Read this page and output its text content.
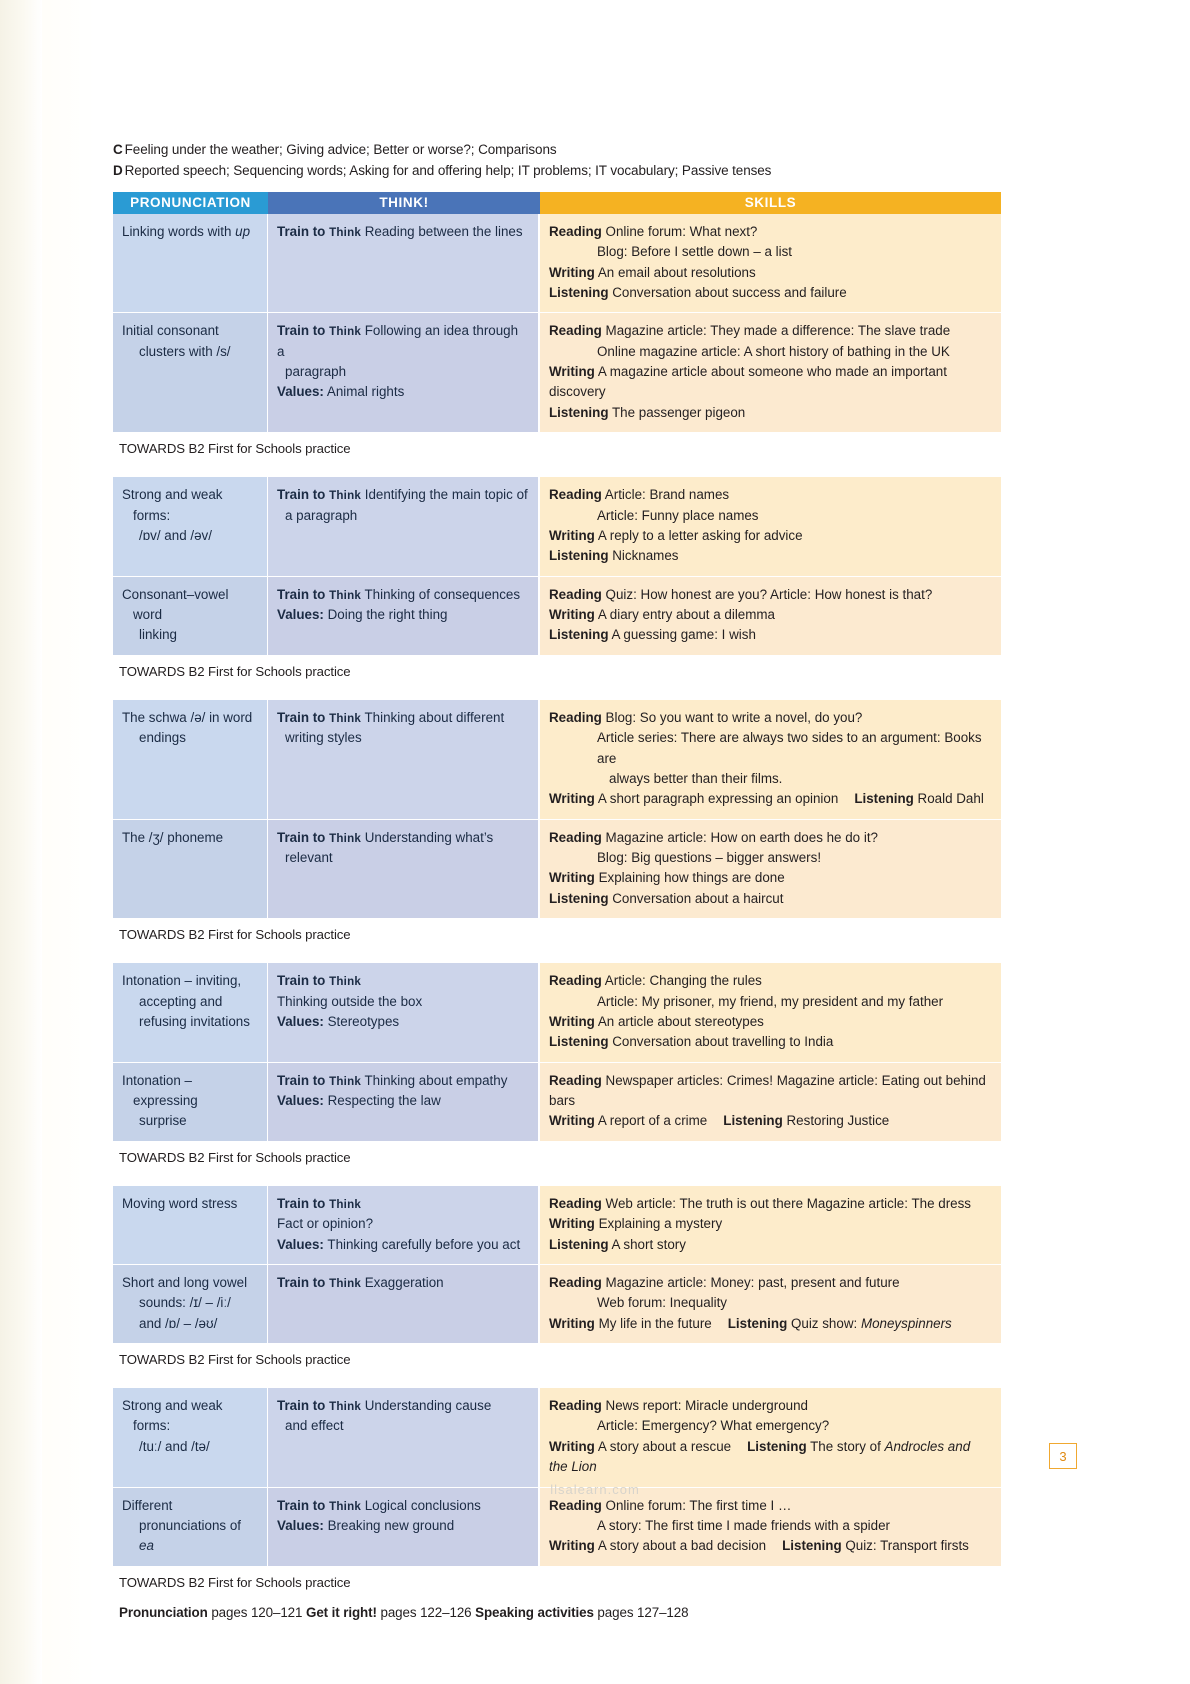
C Feeling under the weather; Giving advice; Better or worse?; Comparisons
D Reported speech; Sequencing words; Asking for and offering help; IT problems; IT vocabulary; Passive tenses
PRONUNCIATION	THINK!	SKILLS
Linking words with up
Initial consonant
clusters with /s/
Train to Think Reading between the lines
Train to Think Following an idea through a
paragraph
Values: Animal rights
Reading Online forum: What next?
Blog: Before I settle down – a list
Writing An email about resolutions
Listening Conversation about success and failure
Reading Magazine article: They made a difference: The slave trade
Online magazine article: A short history of bathing in the UK
Writing A magazine article about someone who made an important discovery
Listening The passenger pigeon
TOWARDS B2 First for Schools practice
Strong and weak forms:
/ɒv/ and /əv/
Consonant–vowel word
linking
Train to Think Identifying the main topic of
a paragraph
Train to Think Thinking of consequences
Values: Doing the right thing
Reading Article: Brand names
Article: Funny place names
Writing A reply to a letter asking for advice
Listening Nicknames
Reading Quiz: How honest are you? Article: How honest is that?
Writing A diary entry about a dilemma
Listening A guessing game: I wish
TOWARDS B2 First for Schools practice
The schwa /ə/ in word
endings
The /ʒ/ phoneme
Train to Think Thinking about different
writing styles
Train to Think Understanding what’s
relevant
Reading Blog: So you want to write a novel, do you?
Article series: There are always two sides to an argument: Books are
always better than their films.
Writing A short paragraph expressing an opinion Listening Roald Dahl
Reading Magazine article: How on earth does he do it?
Blog: Big questions – bigger answers!
Writing Explaining how things are done
Listening Conversation about a haircut
TOWARDS B2 First for Schools practice
Intonation – inviting,
accepting and
refusing invitations
Intonation – expressing
surprise
Train to Think
Thinking outside the box
Values: Stereotypes
Train to Think Thinking about empathy
Values: Respecting the law
Reading Article: Changing the rules
Article: My prisoner, my friend, my president and my father
Writing An article about stereotypes
Listening Conversation about travelling to India
Reading Newspaper articles: Crimes! Magazine article: Eating out behind bars
Writing A report of a crime Listening Restoring Justice
TOWARDS B2 First for Schools practice
Moving word stress
Short and long vowel
sounds: /ɪ/ – /iː/
and /ɒ/ – /əʊ/
Train to Think
Fact or opinion?
Values: Thinking carefully before you act
Train to Think Exaggeration
Reading Web article: The truth is out there Magazine article: The dress
Writing Explaining a mystery
Listening A short story
Reading Magazine article: Money: past, present and future
Web forum: Inequality
Writing My life in the future Listening Quiz show: Moneyspinners
TOWARDS B2 First for Schools practice
Strong and weak forms:
/tuː/ and /tə/
Different
pronunciations of ea
Train to Think Understanding cause
and effect
Train to Think Logical conclusions
Values: Breaking new ground
Reading News report: Miracle underground
Article: Emergency? What emergency?
Writing A story about a rescue Listening The story of Androcles and the Lion
Reading Online forum: The first time I …
A story: The first time I made friends with a spider
Writing A story about a bad decision Listening Quiz: Transport firsts
TOWARDS B2 First for Schools practice
Pronunciation pages 120–121 Get it right! pages 122–126 Speaking activities pages 127–128
3
llsalearn.com
